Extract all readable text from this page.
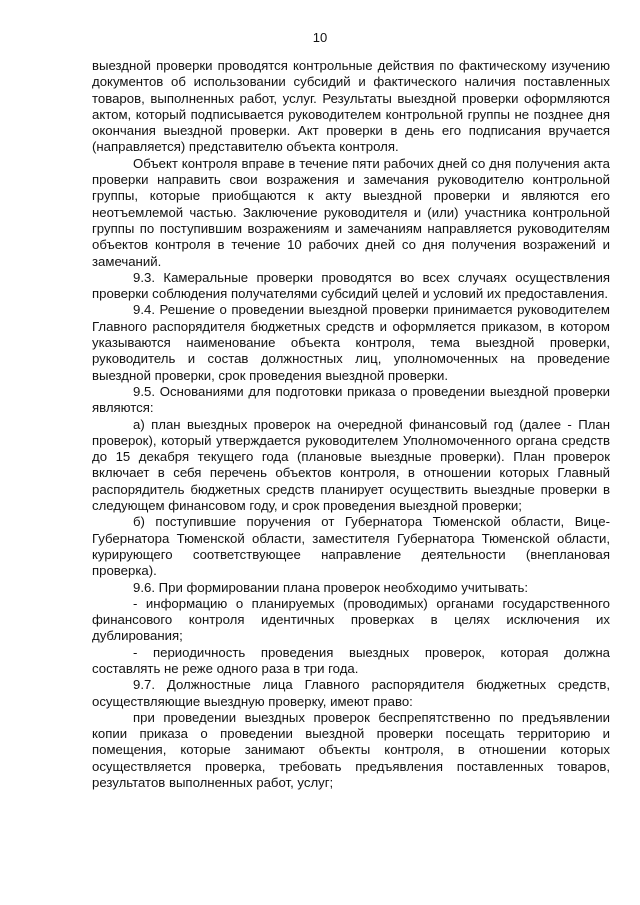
10

выездной проверки проводятся контрольные действия по фактическому изучению документов об использовании субсидий и фактического наличия поставленных товаров, выполненных работ, услуг. Результаты выездной проверки оформляются актом, который подписывается руководителем контрольной группы не позднее дня окончания выездной проверки. Акт проверки в день его подписания вручается (направляется) представителю объекта контроля.

Объект контроля вправе в течение пяти рабочих дней со дня получения акта проверки направить свои возражения и замечания руководителю контрольной группы, которые приобщаются к акту выездной проверки и являются его неотъемлемой частью. Заключение руководителя и (или) участника контрольной группы по поступившим возражениям и замечаниям направляется руководителям объектов контроля в течение 10 рабочих дней со дня получения возражений и замечаний.

9.3. Камеральные проверки проводятся во всех случаях осуществления проверки соблюдения получателями субсидий целей и условий их предоставления.

9.4. Решение о проведении выездной проверки принимается руководителем Главного распорядителя бюджетных средств и оформляется приказом, в котором указываются наименование объекта контроля, тема выездной проверки, руководитель и состав должностных лиц, уполномоченных на проведение выездной проверки, срок проведения выездной проверки.

9.5. Основаниями для подготовки приказа о проведении выездной проверки являются:

а) план выездных проверок на очередной финансовый год (далее - План проверок), который утверждается руководителем Уполномоченного органа средств до 15 декабря текущего года (плановые выездные проверки). План проверок включает в себя перечень объектов контроля, в отношении которых Главный распорядитель бюджетных средств планирует осуществить выездные проверки в следующем финансовом году, и срок проведения выездной проверки;

б) поступившие поручения от Губернатора Тюменской области, Вице-Губернатора Тюменской области, заместителя Губернатора Тюменской области, курирующего соответствующее направление деятельности (внеплановая проверка).

9.6. При формировании плана проверок необходимо учитывать:

- информацию о планируемых (проводимых) органами государственного финансового контроля идентичных проверках в целях исключения их дублирования;

- периодичность проведения выездных проверок, которая должна составлять не реже одного раза в три года.

9.7. Должностные лица Главного распорядителя бюджетных средств, осуществляющие выездную проверку, имеют право:

при проведении выездных проверок беспрепятственно по предъявлении копии приказа о проведении выездной проверки посещать территорию и помещения, которые занимают объекты контроля, в отношении которых осуществляется проверка, требовать предъявления поставленных товаров, результатов выполненных работ, услуг;
